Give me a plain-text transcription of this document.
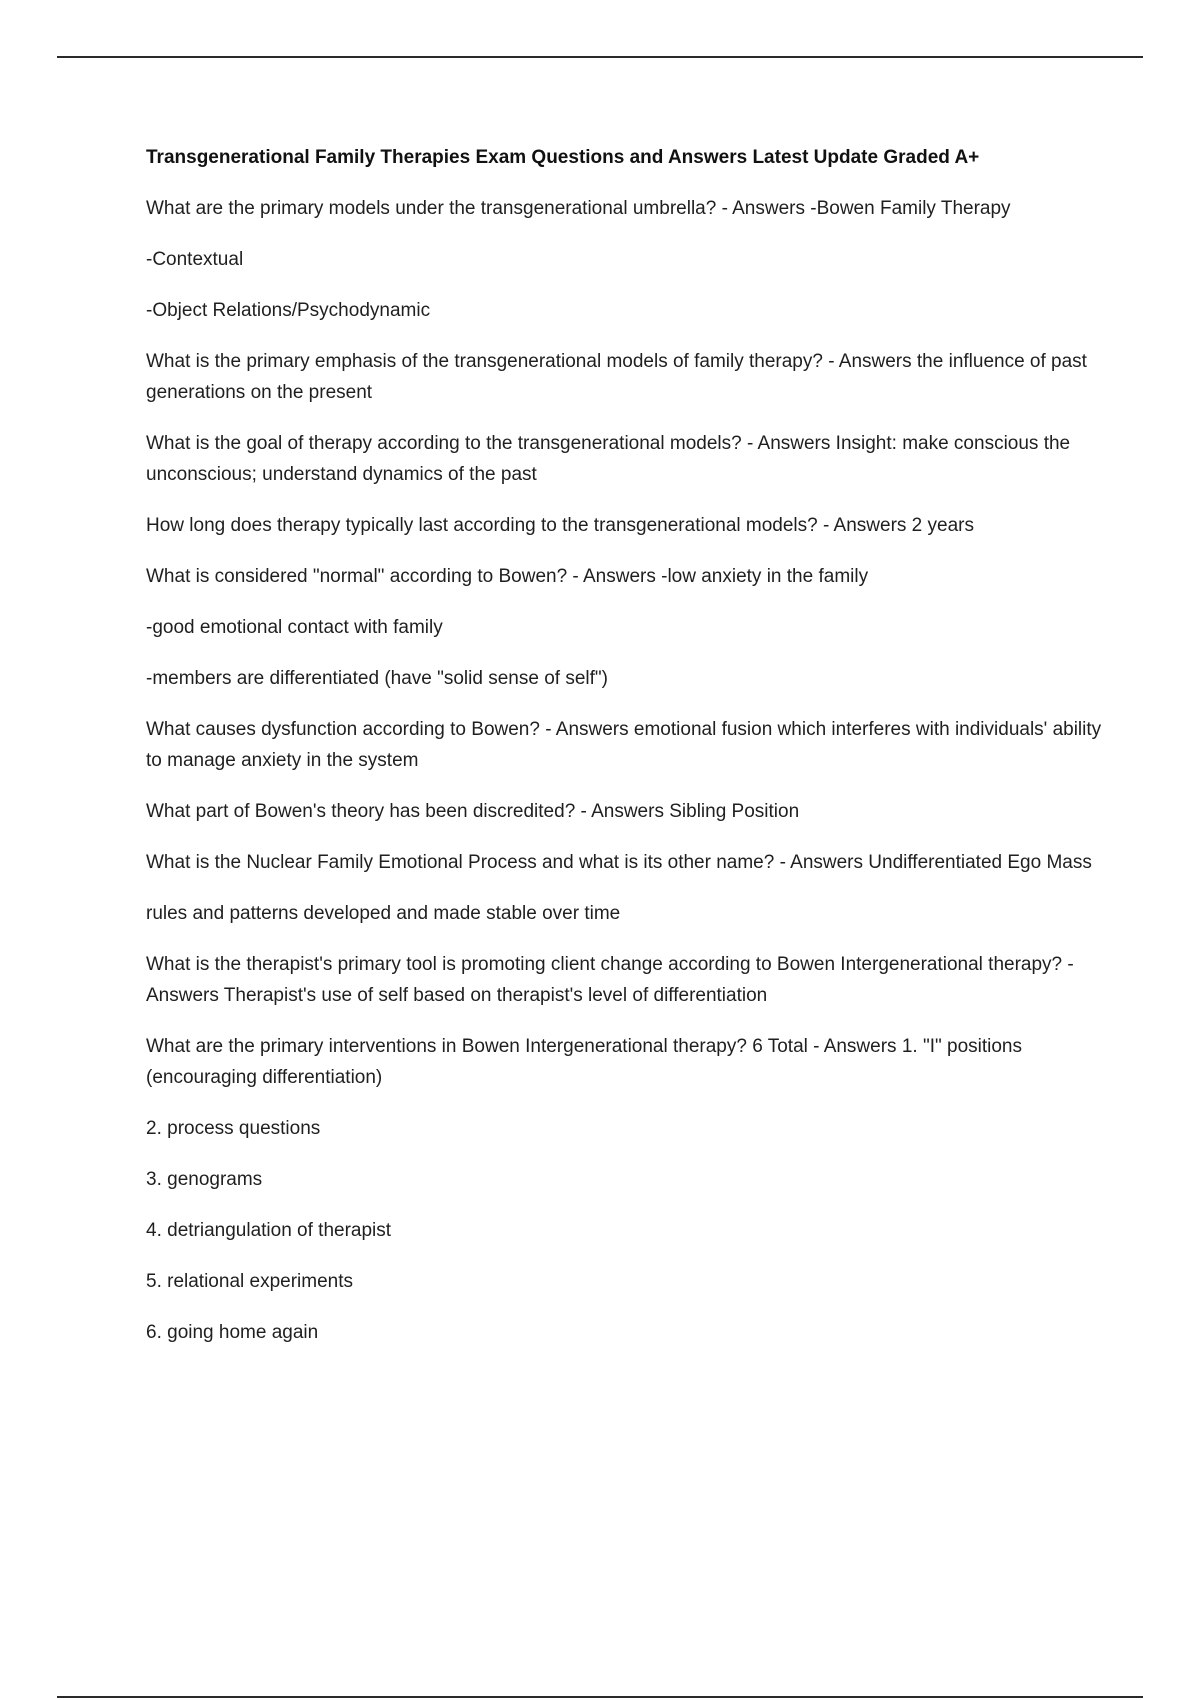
Transgenerational Family Therapies Exam Questions and Answers Latest Update Graded A+
What are the primary models under the transgenerational umbrella? - Answers -Bowen Family Therapy
-Contextual
-Object Relations/Psychodynamic
What is the primary emphasis of the transgenerational models of family therapy? - Answers the influence of past generations on the present
What is the goal of therapy according to the transgenerational models? - Answers Insight: make conscious the unconscious; understand dynamics of the past
How long does therapy typically last according to the transgenerational models? - Answers 2 years
What is considered "normal" according to Bowen? - Answers -low anxiety in the family
-good emotional contact with family
-members are differentiated (have "solid sense of self")
What causes dysfunction according to Bowen? - Answers emotional fusion which interferes with individuals' ability to manage anxiety in the system
What part of Bowen's theory has been discredited? - Answers Sibling Position
What is the Nuclear Family Emotional Process and what is its other name? - Answers Undifferentiated Ego Mass
rules and patterns developed and made stable over time
What is the therapist's primary tool is promoting client change according to Bowen Intergenerational therapy? - Answers Therapist's use of self based on therapist's level of differentiation
What are the primary interventions in Bowen Intergenerational therapy? 6 Total - Answers 1. "I" positions (encouraging differentiation)
2. process questions
3. genograms
4. detriangulation of therapist
5. relational experiments
6. going home again
